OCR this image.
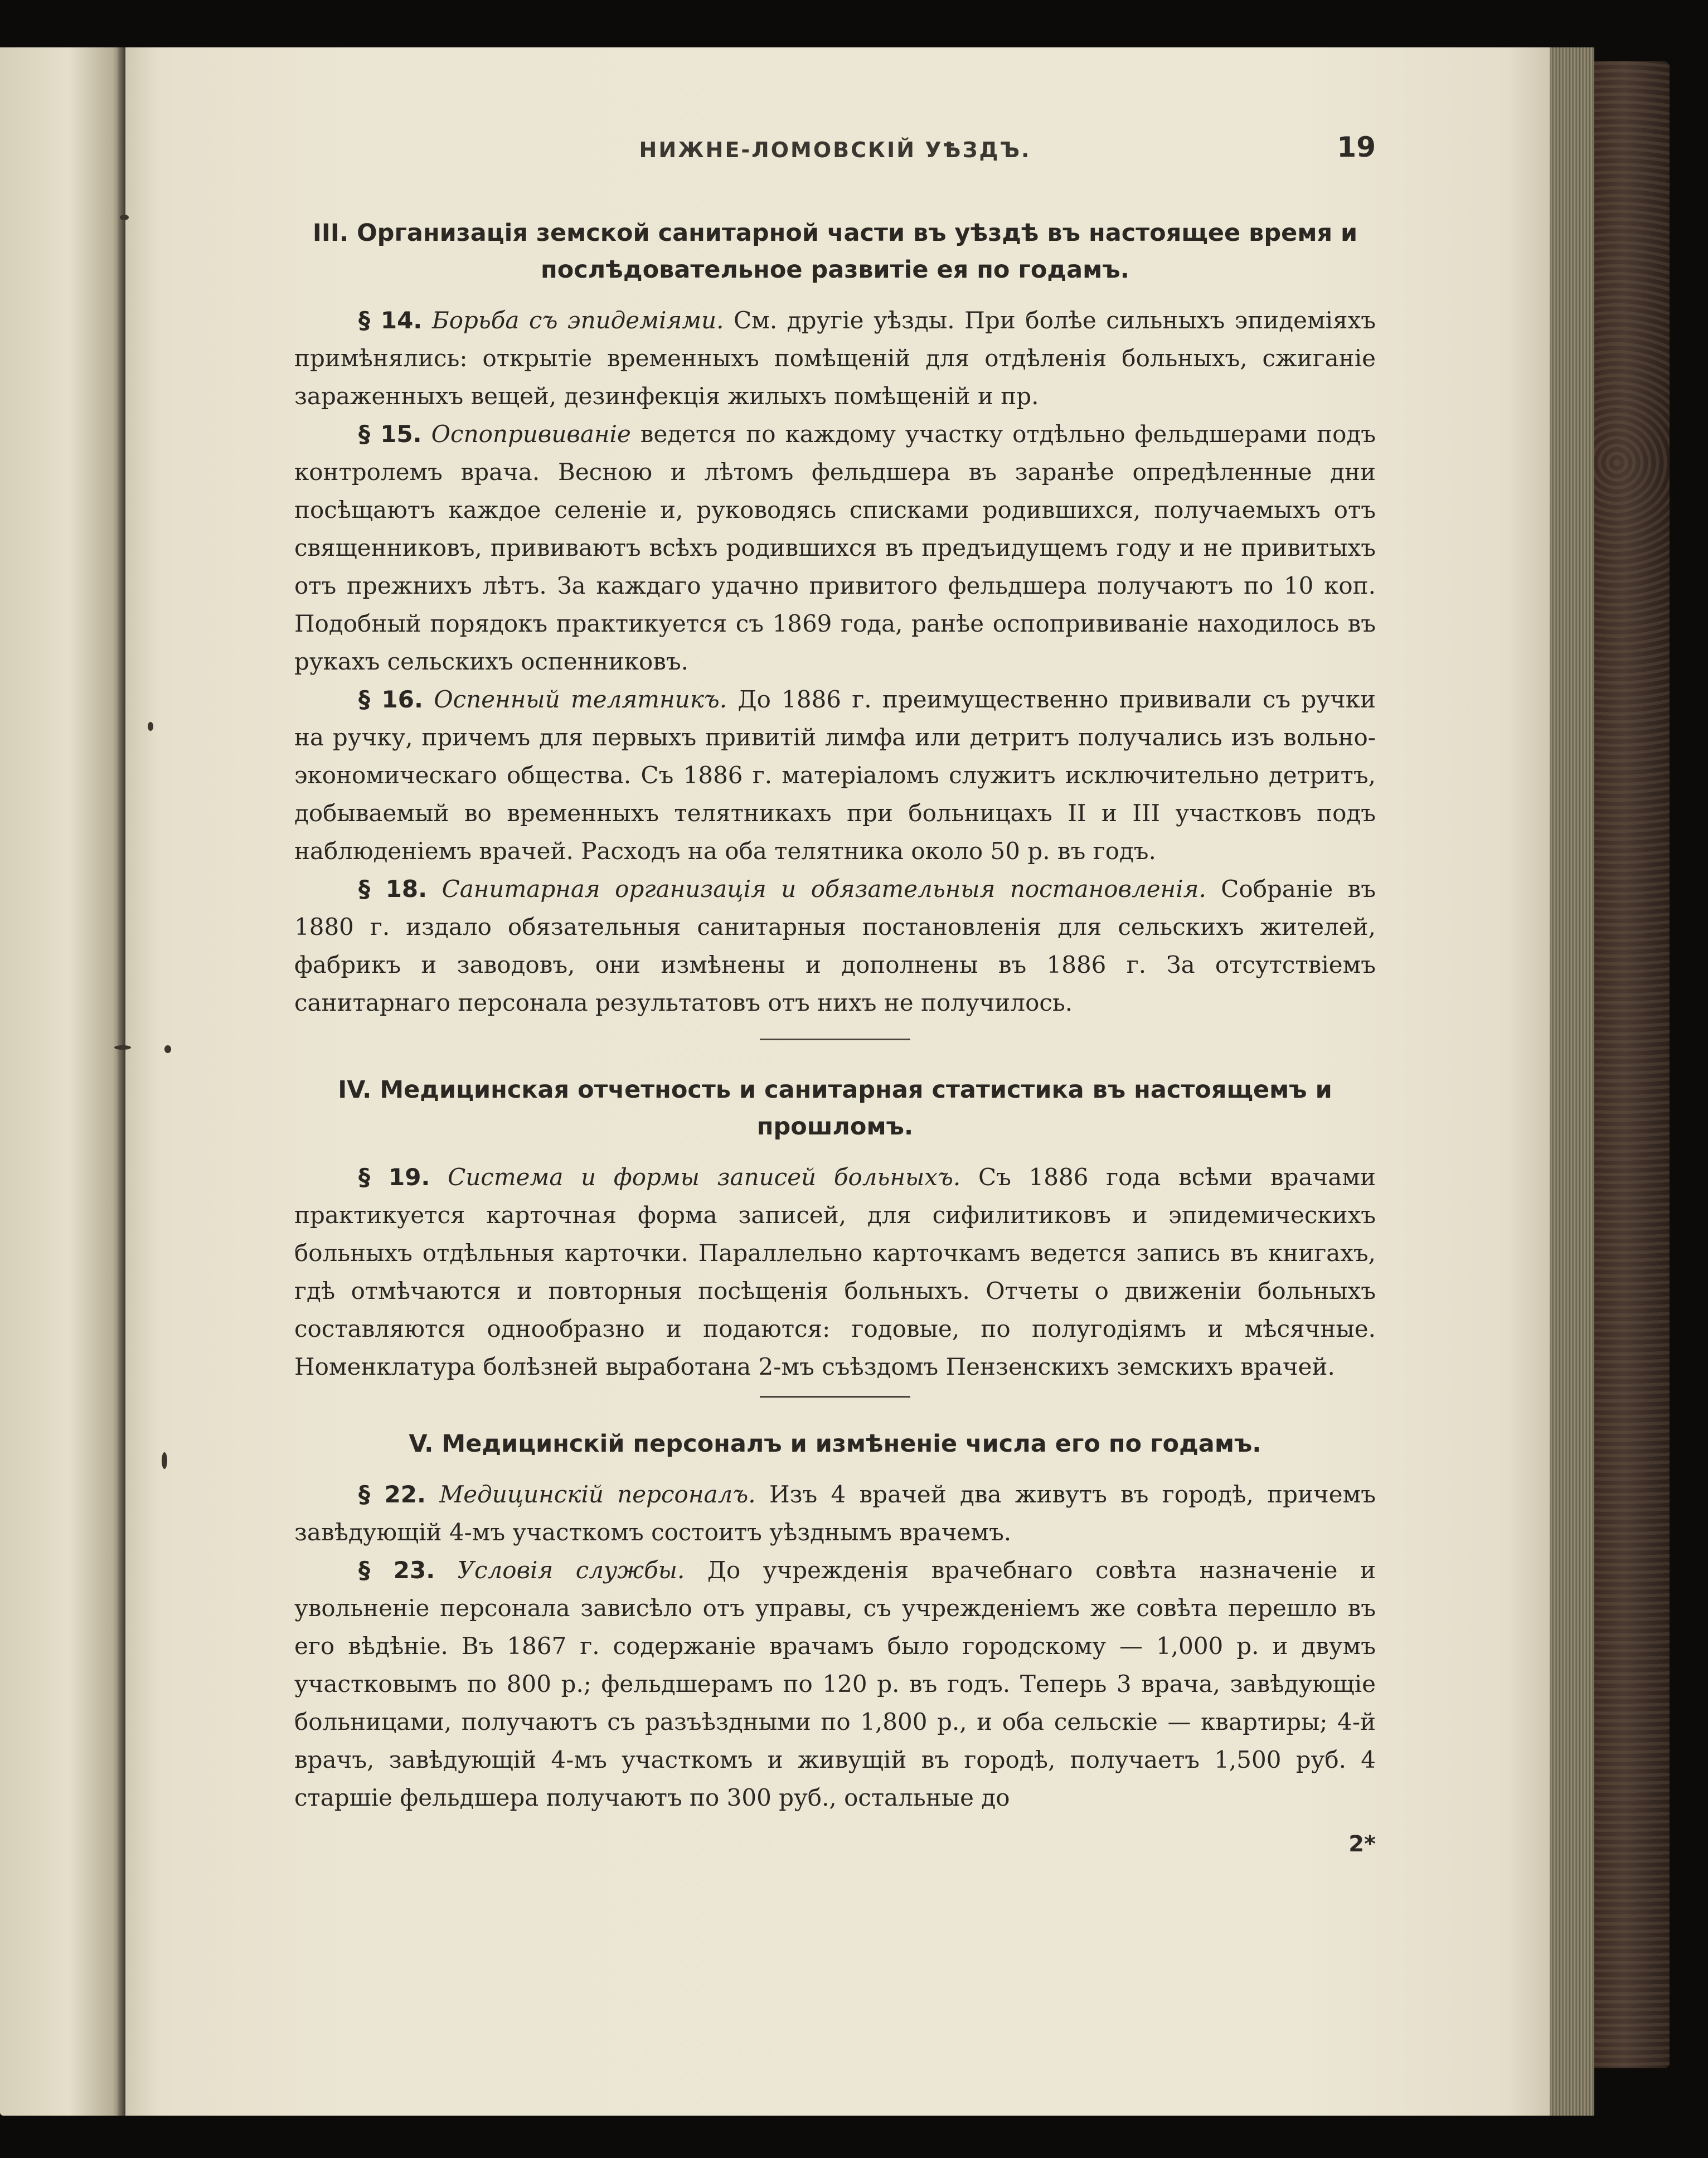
НИЖНЕ-ЛОМОВСКІЙ УѢЗДЪ.	19
III. Организація земской санитарной части въ уѣздѣ въ настоящее время и послѣдовательное развитіе ея по годамъ.

§ 14. Борьба съ эпидеміями. См. другіе уѣзды. При болѣе сильныхъ эпидеміяхъ примѣнялись: открытіе временныхъ помѣщеній для отдѣленія больныхъ, сжиганіе зараженныхъ вещей, дезинфекція жилыхъ помѣщеній и пр.

§ 15. Оспопрививаніе ведется по каждому участку отдѣльно фельдшерами подъ контролемъ врача. Весною и лѣтомъ фельдшера въ заранѣе опредѣленные дни посѣщаютъ каждое селеніе и, руководясь списками родившихся, получаемыхъ отъ священниковъ, прививаютъ всѣхъ родившихся въ предъидущемъ году и не привитыхъ отъ прежнихъ лѣтъ. За каждаго удачно привитого фельдшера получаютъ по 10 коп. Подобный порядокъ практикуется съ 1869 года, ранѣе оспопрививаніе находилось въ рукахъ сельскихъ оспенниковъ.

§ 16. Оспенный телятникъ. До 1886 г. преимущественно прививали съ ручки на ручку, причемъ для первыхъ привитій лимфа или детритъ получались изъ вольно-экономическаго общества. Съ 1886 г. матеріаломъ служитъ исключительно детритъ, добываемый во временныхъ телятникахъ при больницахъ II и III участковъ подъ наблюденіемъ врачей. Расходъ на оба телятника около 50 р. въ годъ.

§ 18. Санитарная организація и обязательныя постановленія. Собраніе въ 1880 г. издало обязательныя санитарныя постановленія для сельскихъ жителей, фабрикъ и заводовъ, они измѣнены и дополнены въ 1886 г. За отсутствіемъ санитарнаго персонала результатовъ отъ нихъ не получилось.

IV. Медицинская отчетность и санитарная статистика въ настоящемъ и прошломъ.

§ 19. Система и формы записей больныхъ. Съ 1886 года всѣми врачами практикуется карточная форма записей, для сифилитиковъ и эпидемическихъ больныхъ отдѣльныя карточки. Параллельно карточкамъ ведется запись въ книгахъ, гдѣ отмѣчаются и повторныя посѣщенія больныхъ. Отчеты о движеніи больныхъ составляются однообразно и подаются: годовые, по полугодіямъ и мѣсячные. Номенклатура болѣзней выработана 2-мъ съѣздомъ Пензенскихъ земскихъ врачей.

V. Медицинскій персоналъ и измѣненіе числа его по годамъ.

§ 22. Медицинскій персоналъ. Изъ 4 врачей два живутъ въ городѣ, причемъ завѣдующій 4-мъ участкомъ состоитъ уѣзднымъ врачемъ.

§ 23. Условія службы. До учрежденія врачебнаго совѣта назначеніе и увольненіе персонала зависѣло отъ управы, съ учрежденіемъ же совѣта перешло въ его вѣдѣніе. Въ 1867 г. содержаніе врачамъ было городскому — 1,000 р. и двумъ участковымъ по 800 р.; фельдшерамъ по 120 р. въ годъ. Теперь 3 врача, завѣдующіе больницами, получаютъ съ разъѣздными по 1,800 р., и оба сельскіе — квартиры; 4-й врачъ, завѣдующій 4-мъ участкомъ и живущій въ городѣ, получаетъ 1,500 руб. 4 старшіе фельдшера получаютъ по 300 руб., остальные до

2*
